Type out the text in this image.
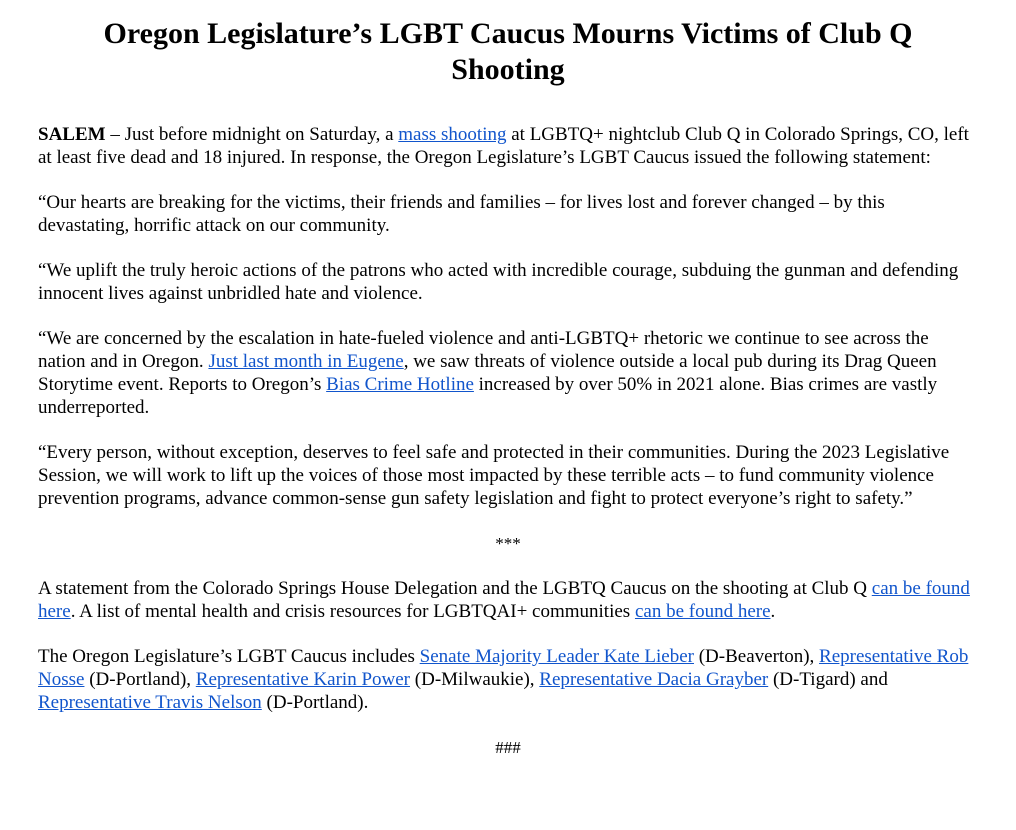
Oregon Legislature’s LGBT Caucus Mourns Victims of Club Q Shooting

SALEM – Just before midnight on Saturday, a mass shooting at LGBTQ+ nightclub Club Q in Colorado Springs, CO, left at least five dead and 18 injured. In response, the Oregon Legislature’s LGBT Caucus issued the following statement:

“Our hearts are breaking for the victims, their friends and families – for lives lost and forever changed – by this devastating, horrific attack on our community.

“We uplift the truly heroic actions of the patrons who acted with incredible courage, subduing the gunman and defending innocent lives against unbridled hate and violence.

“We are concerned by the escalation in hate-fueled violence and anti-LGBTQ+ rhetoric we continue to see across the nation and in Oregon. Just last month in Eugene, we saw threats of violence outside a local pub during its Drag Queen Storytime event. Reports to Oregon’s Bias Crime Hotline increased by over 50% in 2021 alone. Bias crimes are vastly underreported.

“Every person, without exception, deserves to feel safe and protected in their communities. During the 2023 Legislative Session, we will work to lift up the voices of those most impacted by these terrible acts – to fund community violence prevention programs, advance common-sense gun safety legislation and fight to protect everyone’s right to safety.”

***

A statement from the Colorado Springs House Delegation and the LGBTQ Caucus on the shooting at Club Q can be found here. A list of mental health and crisis resources for LGBTQAI+ communities can be found here.

The Oregon Legislature’s LGBT Caucus includes Senate Majority Leader Kate Lieber (D-Beaverton), Representative Rob Nosse (D-Portland), Representative Karin Power (D-Milwaukie), Representative Dacia Grayber (D-Tigard) and Representative Travis Nelson (D-Portland).

###
